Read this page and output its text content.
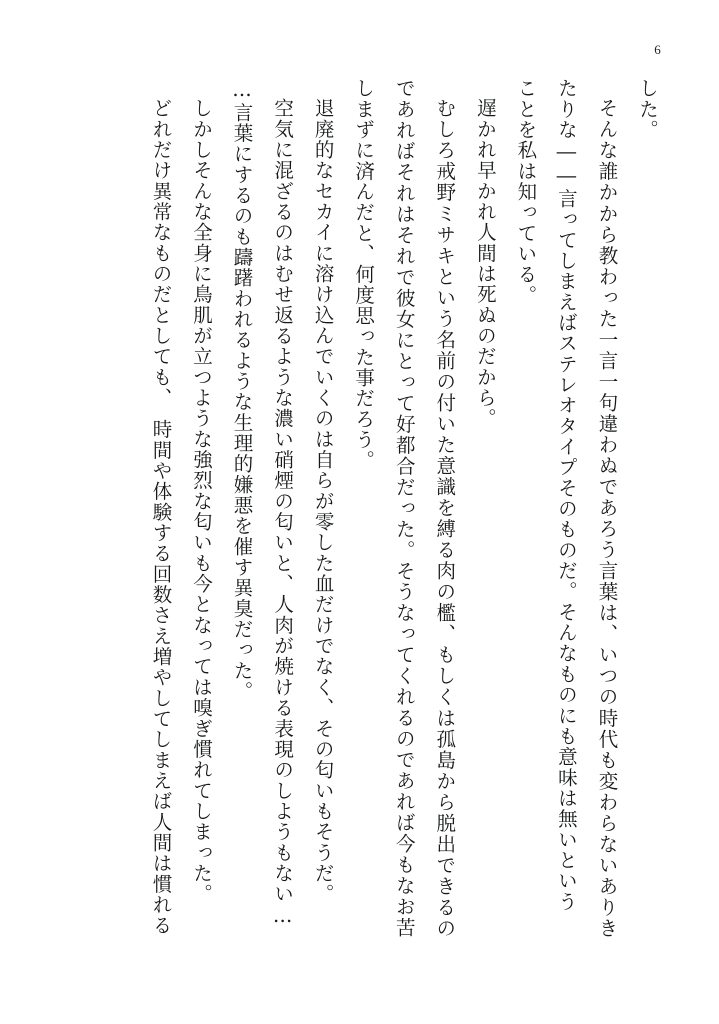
6

した。

そんな誰かから教わった一言一句違わぬであろう言葉は、いつの時代も変わらないありきたりな――言ってしまえばステレオタイプそのものだ。そんなものにも意味は無いという

ことを私は知っている。

遅かれ早かれ人間は死ぬのだから。

むしろ戒野ミサキという名前の付いた意識を縛る肉の檻、もしくは孤島から脱出できるのであればそれはそれで彼女にとって好都合だった。そうなってくれるのであれば今もなお苦しまずに済んだと、何度思った事だろう。

退廃的なセカイに溶け込んでいくのは自らが零した血だけでなく、その匂いもそうだ。

空気に混ざるのはむせ返るような濃い硝煙の匂いと、人肉が焼ける表現のしようもない…

…言葉にするのも躊躇われるような生理的嫌悪を催す異臭だった。

しかしそんな全身に鳥肌が立つような強烈な匂いも今となっては嗅ぎ慣れてしまった。

どれだけ異常なものだとしても、　時間や体験する回数さえ増やしてしまえば人間は慣れる
